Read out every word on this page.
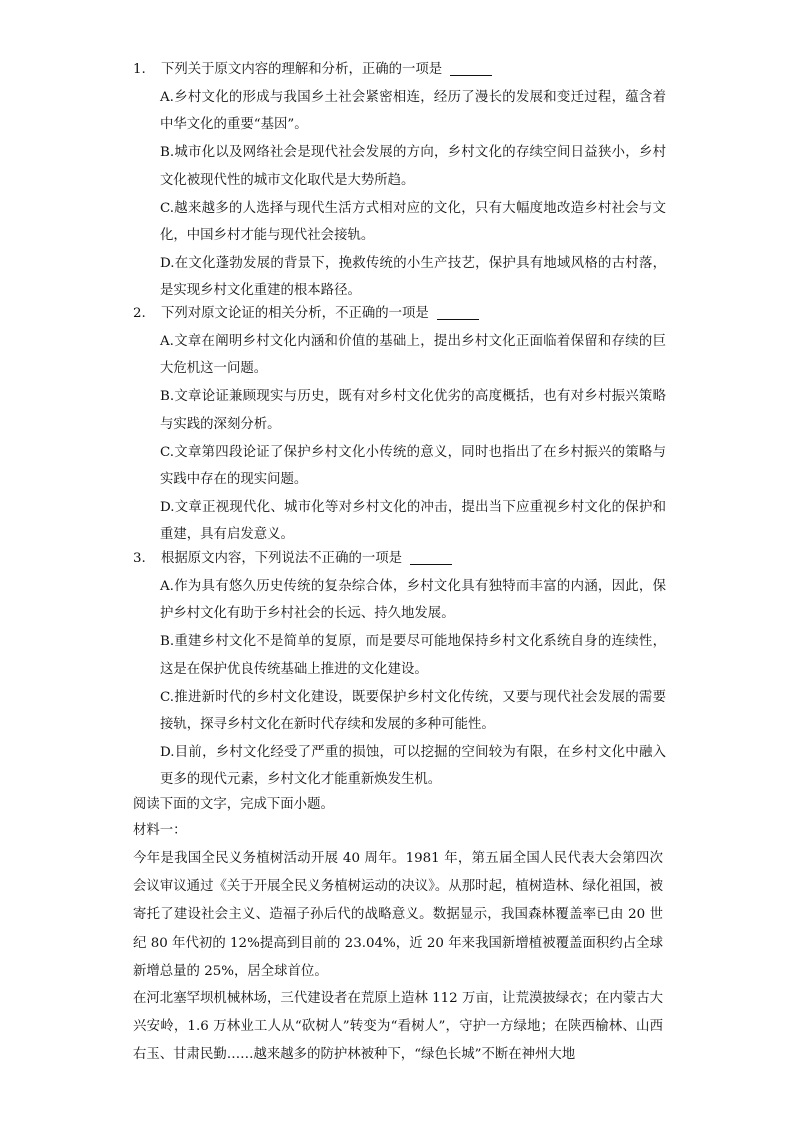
1.	下列关于原文内容的理解和分析，正确的一项是
A.乡村文化的形成与我国乡土社会紧密相连，经历了漫长的发展和变迁过程，蕴含着中华文化的重要“基因”。
B.城市化以及网络社会是现代社会发展的方向，乡村文化的存续空间日益狭小，乡村文化被现代性的城市文化取代是大势所趋。
C.越来越多的人选择与现代生活方式相对应的文化，只有大幅度地改造乡村社会与文化，中国乡村才能与现代社会接轨。
D.在文化蓬勃发展的背景下，挽救传统的小生产技艺，保护具有地域风格的古村落，是实现乡村文化重建的根本路径。
2.	下列对原文论证的相关分析，不正确的一项是
A.文章在阐明乡村文化内涵和价值的基础上，提出乡村文化正面临着保留和存续的巨大危机这一问题。
B.文章论证兼顾现实与历史，既有对乡村文化优劣的高度概括，也有对乡村振兴策略与实践的深刻分析。
C.文章第四段论证了保护乡村文化小传统的意义，同时也指出了在乡村振兴的策略与实践中存在的现实问题。
D.文章正视现代化、城市化等对乡村文化的冲击，提出当下应重视乡村文化的保护和重建，具有启发意义。
3.	根据原文内容，下列说法不正确的一项是
A.作为具有悠久历史传统的复杂综合体，乡村文化具有独特而丰富的内涵，因此，保护乡村文化有助于乡村社会的长远、持久地发展。
B.重建乡村文化不是简单的复原，而是要尽可能地保持乡村文化系统自身的连续性，这是在保护优良传统基础上推进的文化建设。
C.推进新时代的乡村文化建设，既要保护乡村文化传统，又要与现代社会发展的需要接轨，探寻乡村文化在新时代存续和发展的多种可能性。
D.目前，乡村文化经受了严重的损蚀，可以挖掘的空间较为有限，在乡村文化中融入更多的现代元素，乡村文化才能重新焕发生机。
阅读下面的文字，完成下面小题。
材料一：
今年是我国全民义务植树活动开展 40 周年。1981 年，第五届全国人民代表大会第四次会议审议通过《关于开展全民义务植树运动的决议》。从那时起，植树造林、绿化祖国，被寄托了建设社会主义、造福子孙后代的战略意义。数据显示，我国森林覆盖率已由 20 世纪 80 年代初的 12%提高到目前的 23.04%，近 20 年来我国新增植被覆盖面积约占全球新增总量的 25%，居全球首位。
在河北塞罕坝机械林场，三代建设者在荒原上造林 112 万亩，让荒漠披绿衣；在内蒙古大兴安岭，1.6 万林业工人从“砍树人”转变为“看树人”，守护一方绿地；在陕西榆林、山西右玉、甘肃民勤……越来越多的防护林被种下，“绿色长城”不断在神州大地
